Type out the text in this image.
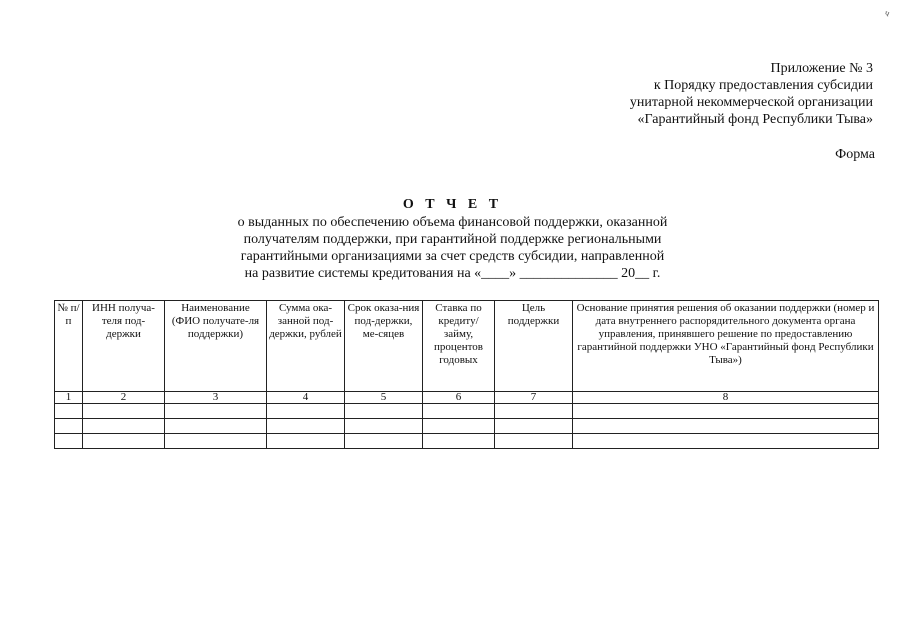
ч
Приложение № 3
к Порядку предоставления субсидии
унитарной некоммерческой организации
«Гарантийный фонд Республики Тыва»
Форма
О Т Ч Е Т
о выданных по обеспечению объема финансовой поддержки, оказанной
получателям поддержки, при гарантийной поддержке региональными
гарантийными организациями за счет средств субсидии, направленной
на развитие системы кредитования на «____» ______________ 20__ г.
№ п/п	ИНН получа-теля под-держки	Наименование (ФИО получате-ля поддержки)	Сумма ока-занной под-держки, рублей	Срок оказа-ния под-держки, ме-сяцев	Ставка по кредиту/ займу, процентов годовых	Цель поддержки	Основание принятия решения об оказании поддержки (номер и дата внутреннего распорядительного документа органа управления, принявшего решение по предоставлению гарантийной поддержки УНО «Гарантийный фонд Республики Тыва»)
1	2	3	4	5	6	7	8
